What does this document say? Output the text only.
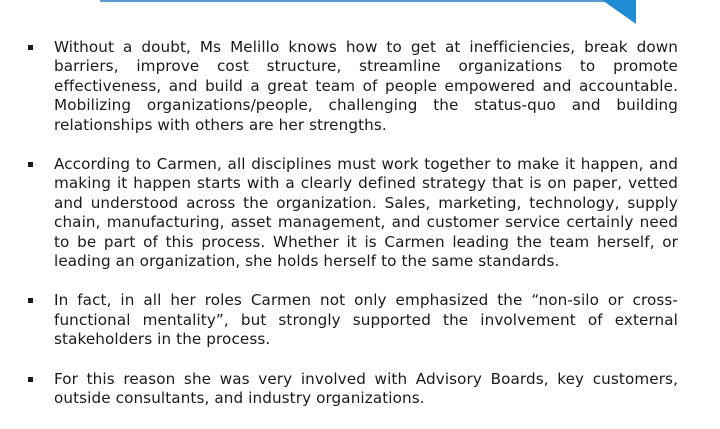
Without a doubt, Ms Melillo knows how to get at inefficiencies, break down barriers, improve cost structure, streamline organizations to promote effectiveness, and build a great team of people empowered and accountable. Mobilizing organizations/people, challenging the status-quo and building relationships with others are her strengths.
According to Carmen, all disciplines must work together to make it happen, and making it happen starts with a clearly defined strategy that is on paper, vetted and understood across the organization. Sales, marketing, technology, supply chain, manufacturing, asset management, and customer service certainly need to be part of this process. Whether it is Carmen leading the team herself, or leading an organization, she holds herself to the same standards.
In fact, in all her roles Carmen not only emphasized the “non-silo or cross-functional mentality”, but strongly supported the involvement of external stakeholders in the process.
For this reason she was very involved with Advisory Boards, key customers, outside consultants, and industry organizations.
